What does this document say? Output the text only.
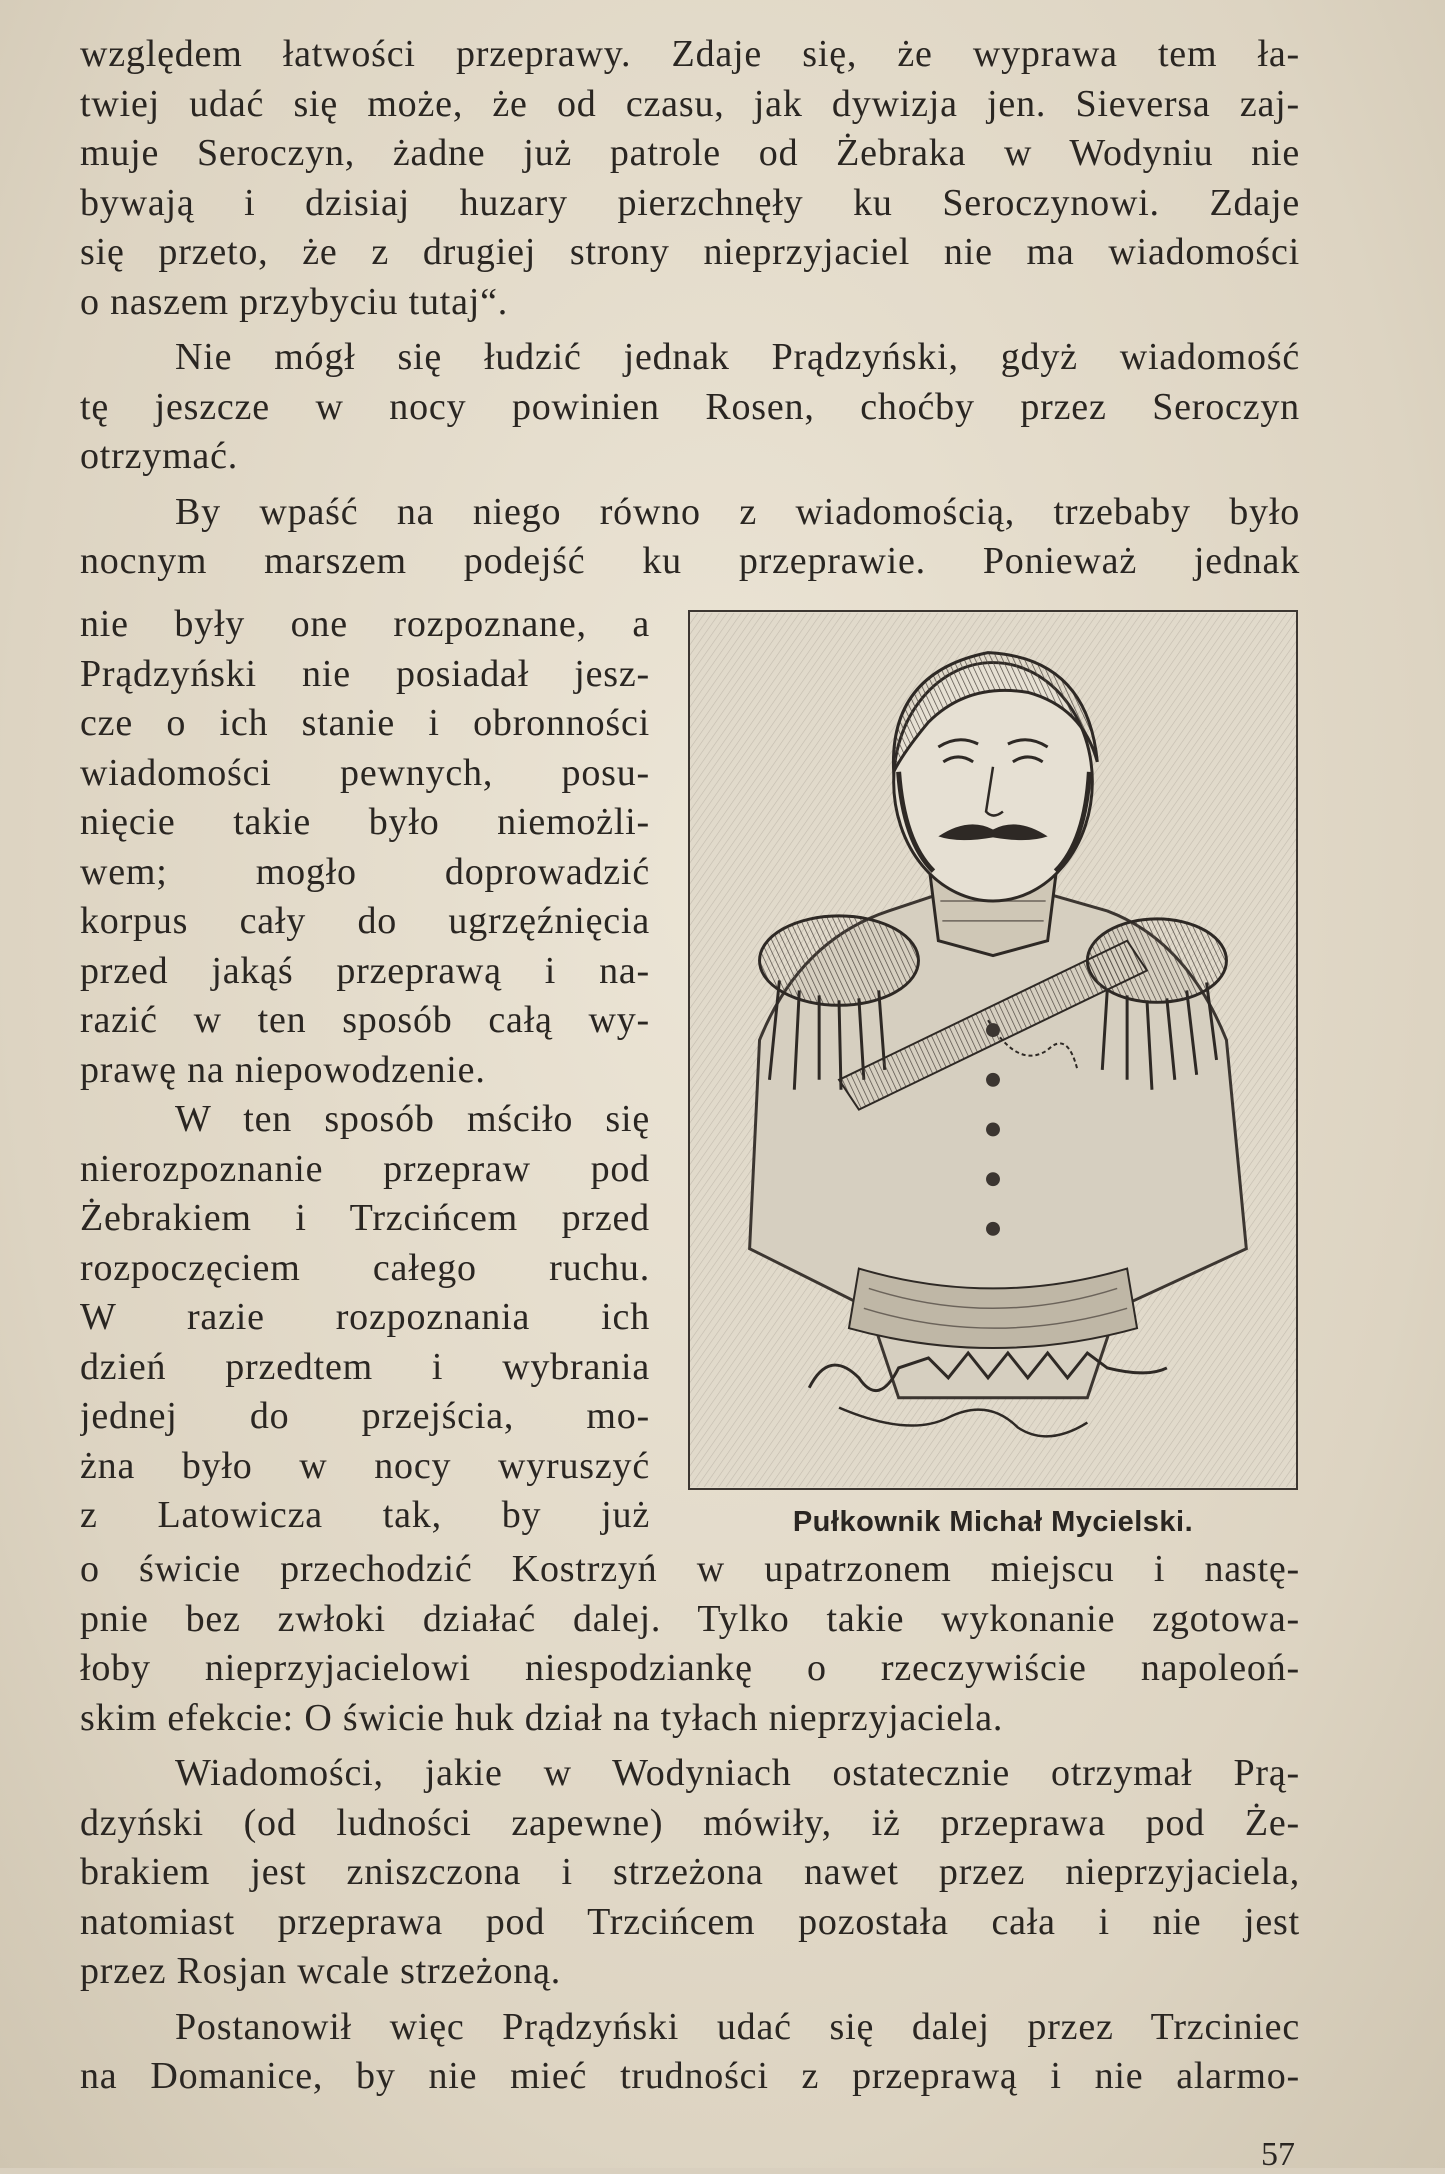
względem łatwości przeprawy. Zdaje się, że wyprawa tem ła-
twiej udać się może, że od czasu, jak dywizja jen. Sieversa zaj-
muje Seroczyn, żadne już patrole od Żebraka w Wodyniu nie
bywają i dzisiaj huzary pierzchnęły ku Seroczynowi. Zdaje
się przeto, że z drugiej strony nieprzyjaciel nie ma wiadomości
o naszem przybyciu tutaj“.
Nie mógł się łudzić jednak Prądzyński, gdyż wiadomość
tę jeszcze w nocy powinien Rosen, choćby przez Seroczyn
otrzymać.
By wpaść na niego równo z wiadomością, trzebaby było
nocnym marszem podejść ku przeprawie. Ponieważ jednak
nie były one rozpoznane, a
Prądzyński nie posiadał jesz-
cze o ich stanie i obronności
wiadomości pewnych, posu-
nięcie takie było niemożli-
wem; mogło doprowadzić
korpus cały do ugrzęźnięcia
przed jakąś przeprawą i na-
razić w ten sposób całą wy-
prawę na niepowodzenie.
W ten sposób mściło się
nierozpoznanie przepraw pod
Żebrakiem i Trzcińcem przed
rozpoczęciem całego ruchu.
W razie rozpoznania ich
dzień przedtem i wybrania
jednej do przejścia, mo-
żna było w nocy wyruszyć
z Latowicza tak, by już	Pułkownik Michał Mycielski.
o świcie przechodzić Kostrzyń w upatrzonem miejscu i nastę-
pnie bez zwłoki działać dalej. Tylko takie wykonanie zgotowa-
łoby nieprzyjacielowi niespodziankę o rzeczywiście napoleoń-
skim efekcie: O świcie huk dział na tyłach nieprzyjaciela.
Wiadomości, jakie w Wodyniach ostatecznie otrzymał Prą-
dzyński (od ludności zapewne) mówiły, iż przeprawa pod Że-
brakiem jest zniszczona i strzeżona nawet przez nieprzyjaciela,
natomiast przeprawa pod Trzcińcem pozostała cała i nie jest
przez Rosjan wcale strzeżoną.
Postanowił więc Prądzyński udać się dalej przez Trzciniec
na Domanice, by nie mieć trudności z przeprawą i nie alarmo-
57
